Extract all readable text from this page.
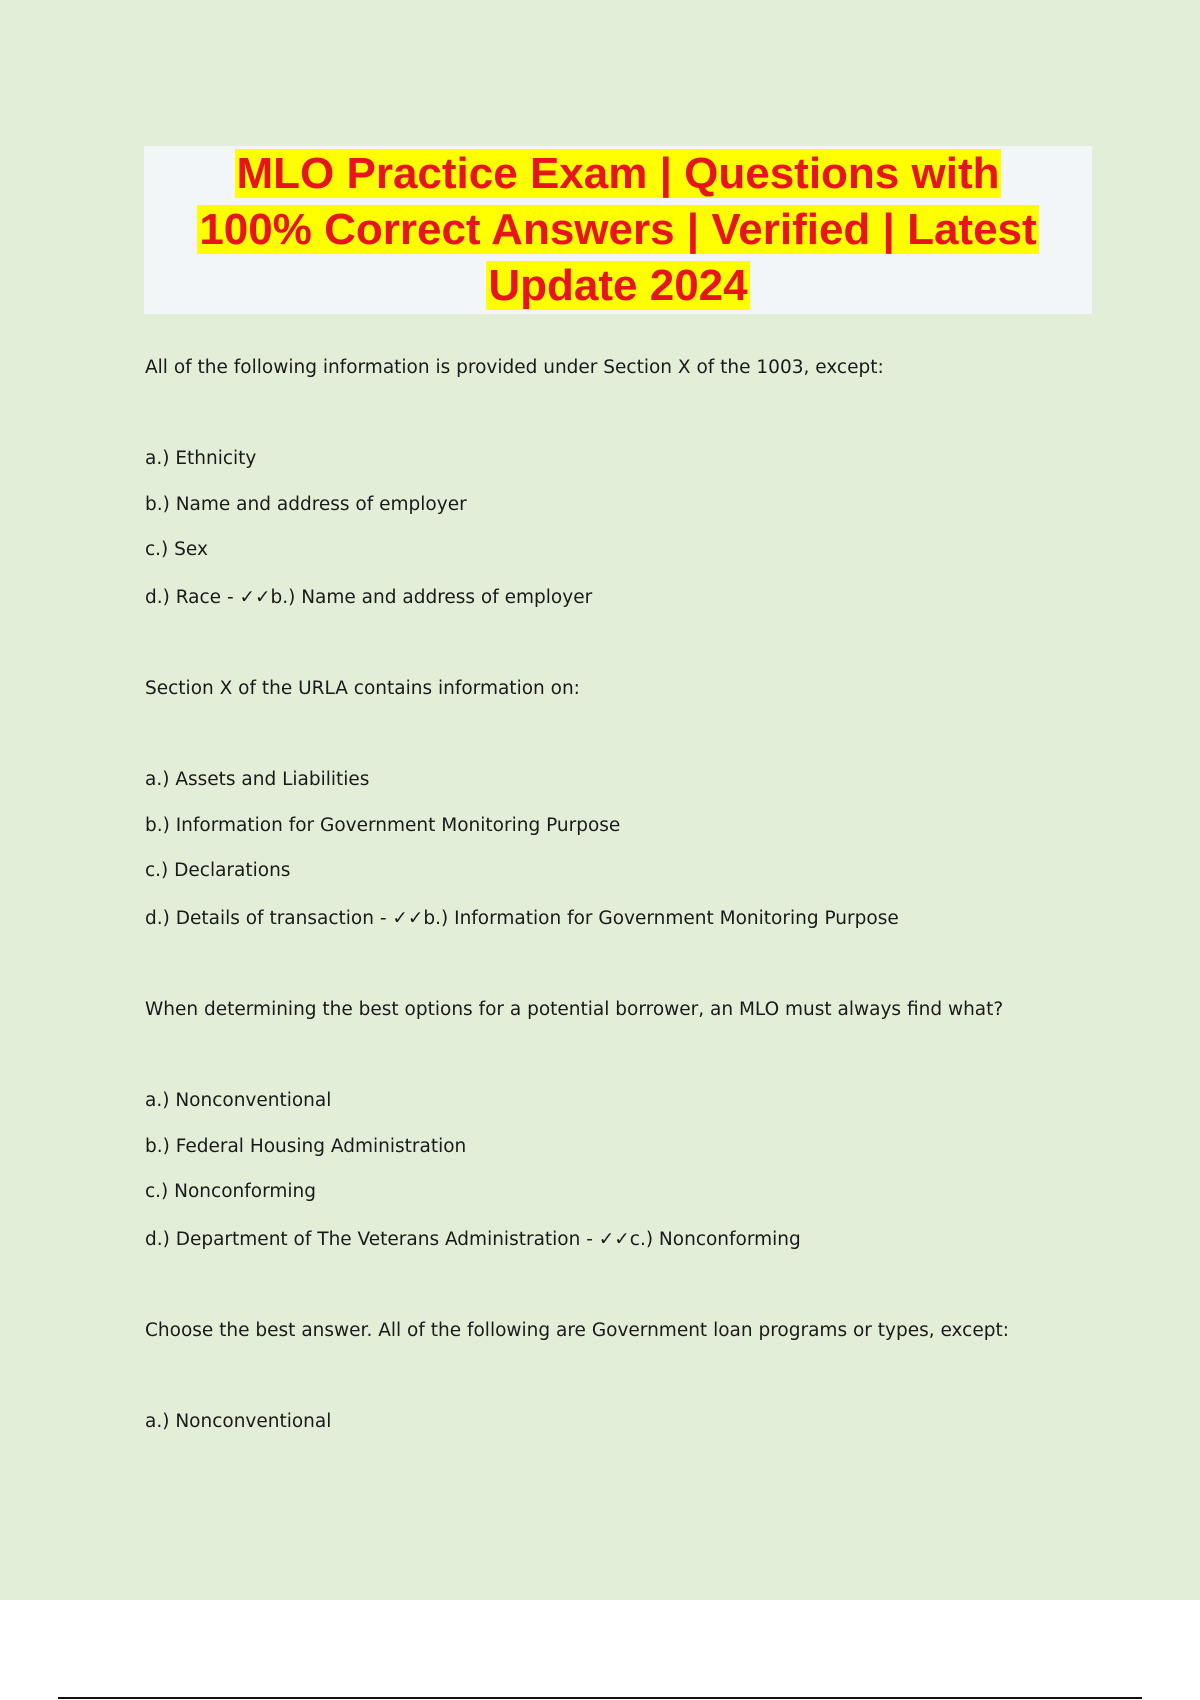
MLO Practice Exam | Questions with
100% Correct Answers | Verified | Latest
Update 2024
All of the following information is provided under Section X of the 1003, except:
a.) Ethnicity
b.) Name and address of employer
c.) Sex
d.) Race - ✓✓b.) Name and address of employer
Section X of the URLA contains information on:
a.) Assets and Liabilities
b.) Information for Government Monitoring Purpose
c.) Declarations
d.) Details of transaction - ✓✓b.) Information for Government Monitoring Purpose
When determining the best options for a potential borrower, an MLO must always find what?
a.) Nonconventional
b.) Federal Housing Administration
c.) Nonconforming
d.) Department of The Veterans Administration - ✓✓c.) Nonconforming
Choose the best answer. All of the following are Government loan programs or types, except:
a.) Nonconventional
